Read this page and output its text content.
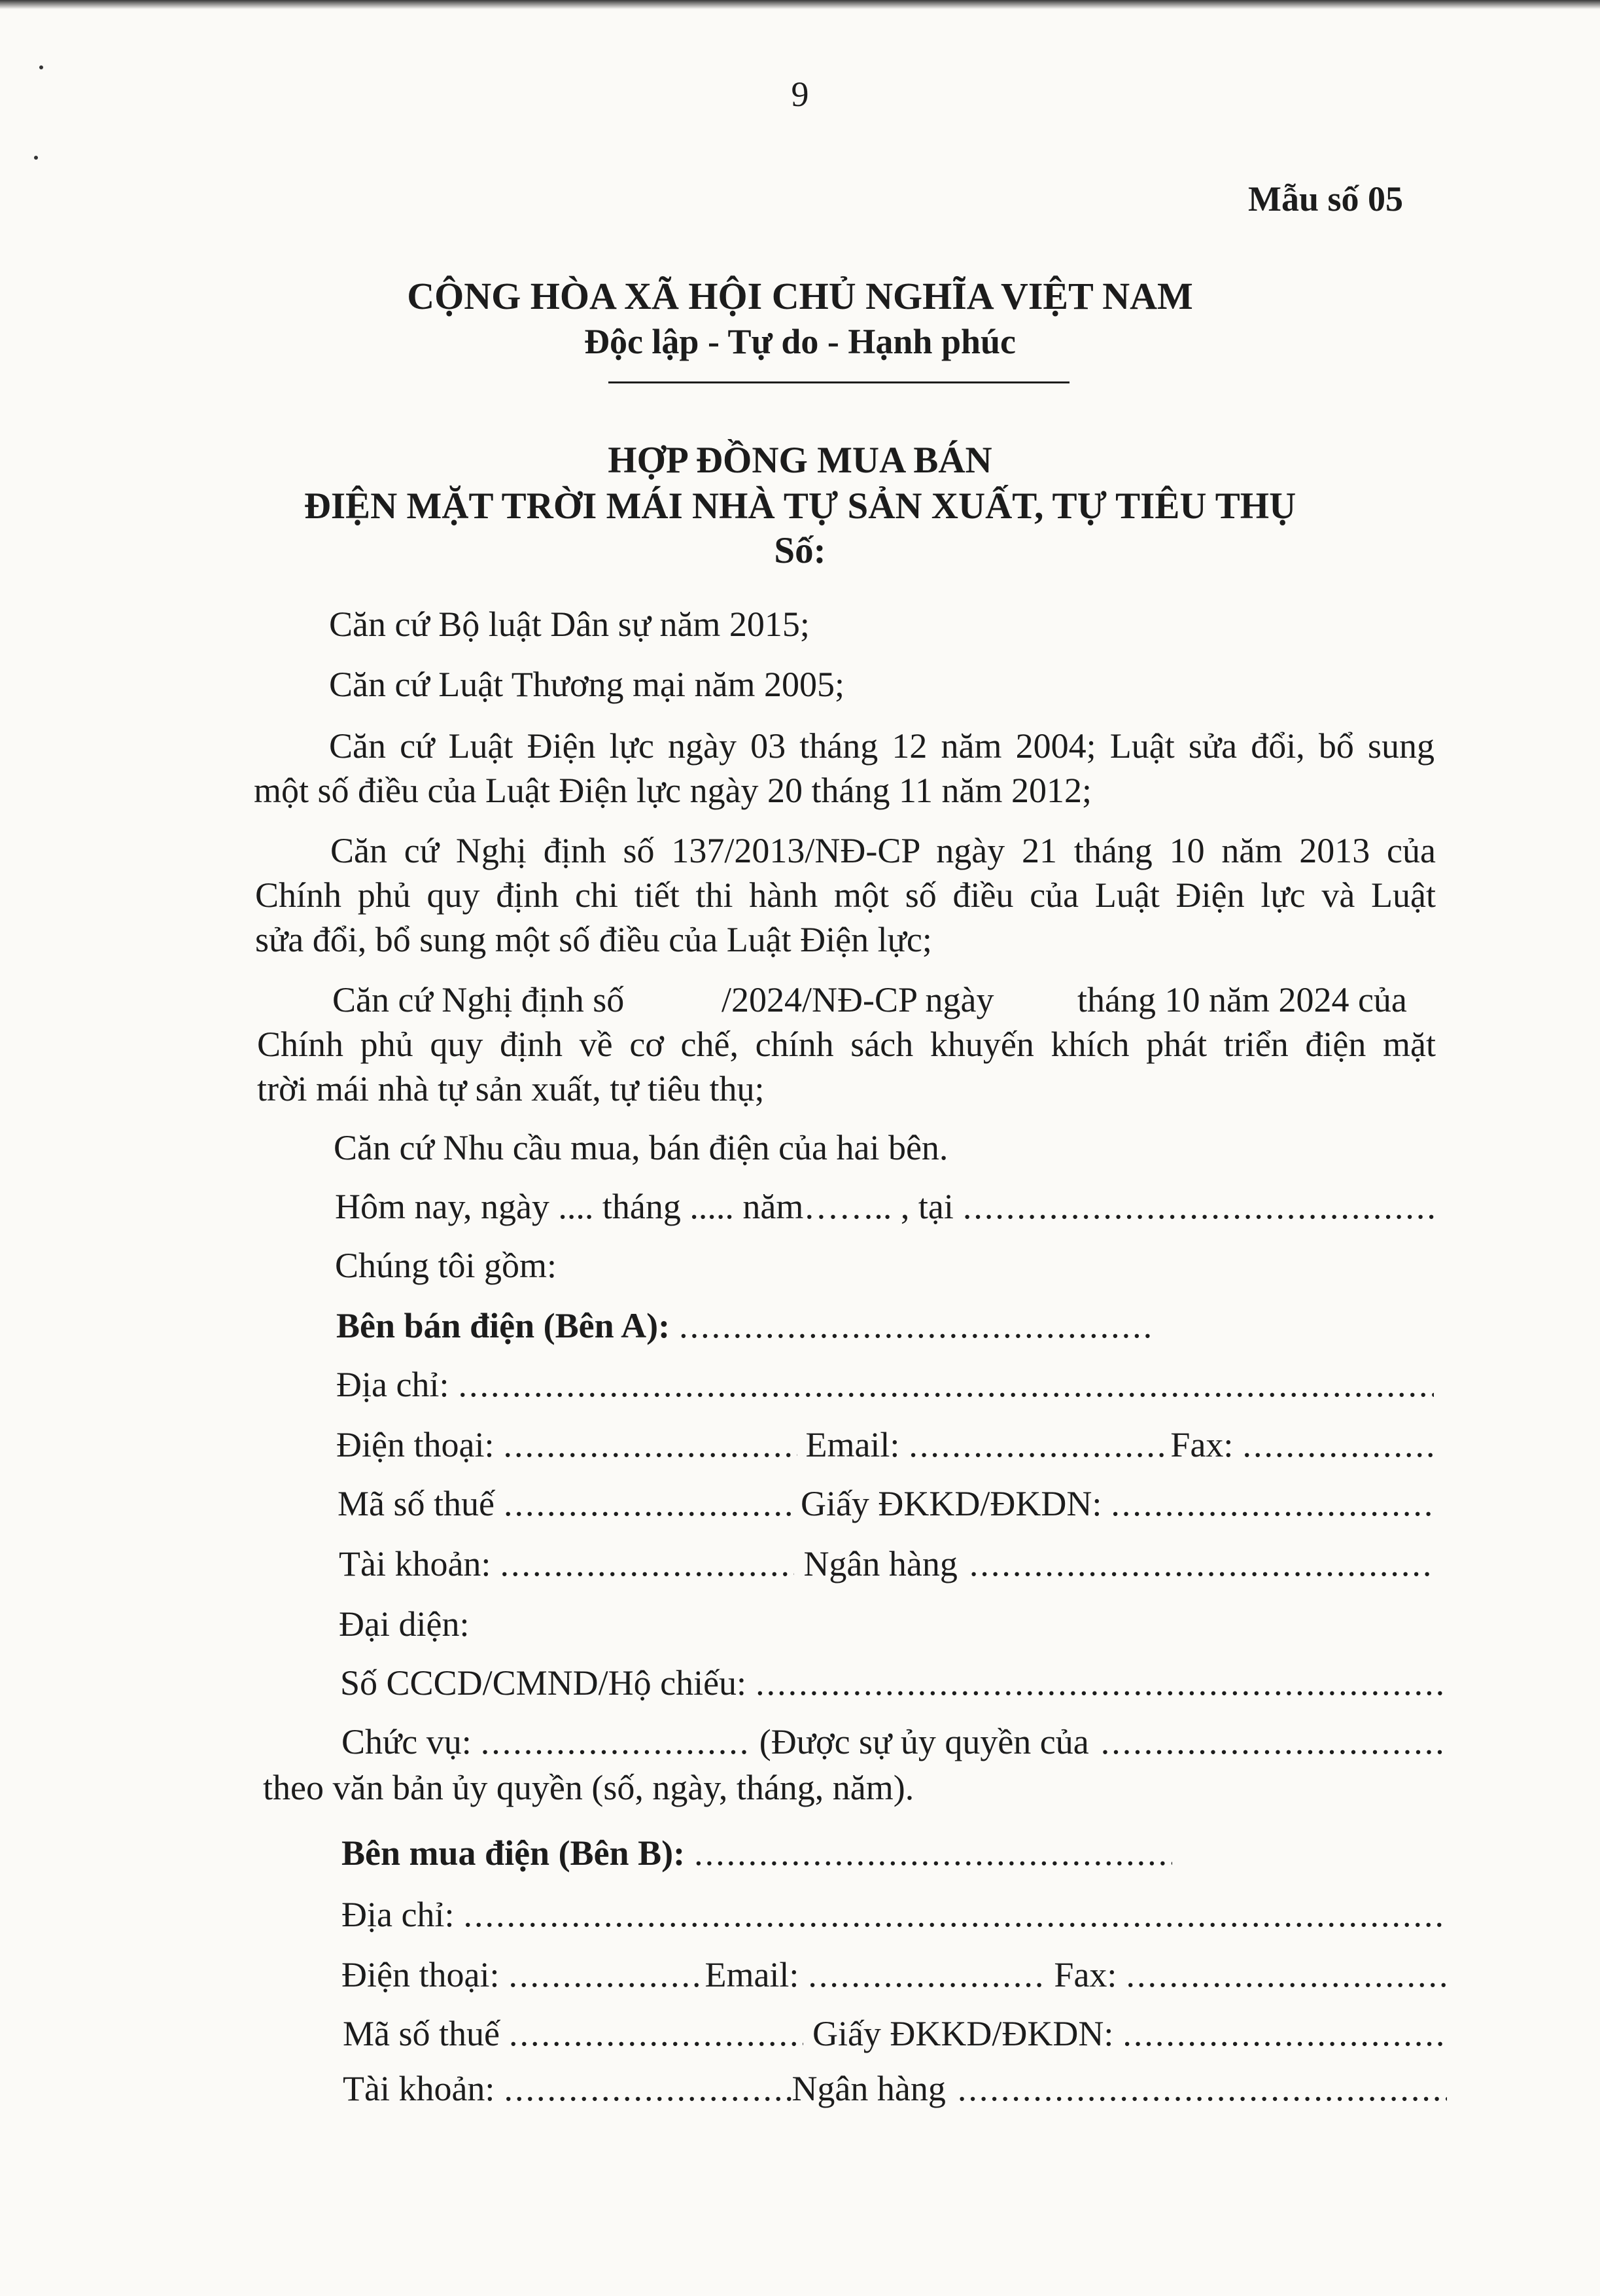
9
Mẫu số 05
CỘNG HÒA XÃ HỘI CHỦ NGHĨA VIỆT NAM
Độc lập - Tự do - Hạnh phúc
HỢP ĐỒNG MUA BÁN
ĐIỆN MẶT TRỜI MÁI NHÀ TỰ SẢN XUẤT, TỰ TIÊU THỤ
Số:
Căn cứ Bộ luật Dân sự năm 2015;
Căn cứ Luật Thương mại năm 2005;
Căn cứ Luật Điện lực ngày 03 tháng 12 năm 2004; Luật sửa đổi, bổ sung
một số điều của Luật Điện lực ngày 20 tháng 11 năm 2012;
Căn cứ Nghị định số 137/2013/NĐ-CP ngày 21 tháng 10 năm 2013 của
Chính phủ quy định chi tiết thi hành một số điều của Luật Điện lực và Luật
sửa đổi, bổ sung một số điều của Luật Điện lực;
Căn cứ Nghị định số	/2024/NĐ-CP ngày tháng 10 năm 2024 của
Chính phủ quy định về cơ chế, chính sách khuyến khích phát triển điện mặt
trời mái nhà tự sản xuất, tự tiêu thụ;
Căn cứ Nhu cầu mua, bán điện của hai bên.
Hôm nay, ngày .... tháng ..... năm…….. , tại
.....
Chúng tôi gồm:
Bên bán điện (Bên A):
.....
Địa chỉ:
.....
Điện thoại: .....	Email: .....	Fax:
.....
Mã số thuế .....	Giấy ĐKKD/ĐKDN:
.....
Tài khoản: .....	Ngân hàng
.....
Đại diện:
Số CCCD/CMND/Hộ chiếu:
.....
Chức vụ: .....	(Được sự ủy quyền của
.....
theo văn bản ủy quyền (số, ngày, tháng, năm).
Bên mua điện (Bên B):
.....
Địa chỉ:
.....
Điện thoại: .....	Email: .....	Fax:
.....
Mã số thuế .....	Giấy ĐKKD/ĐKDN:
.....
Tài khoản: .....	Ngân hàng
.....
